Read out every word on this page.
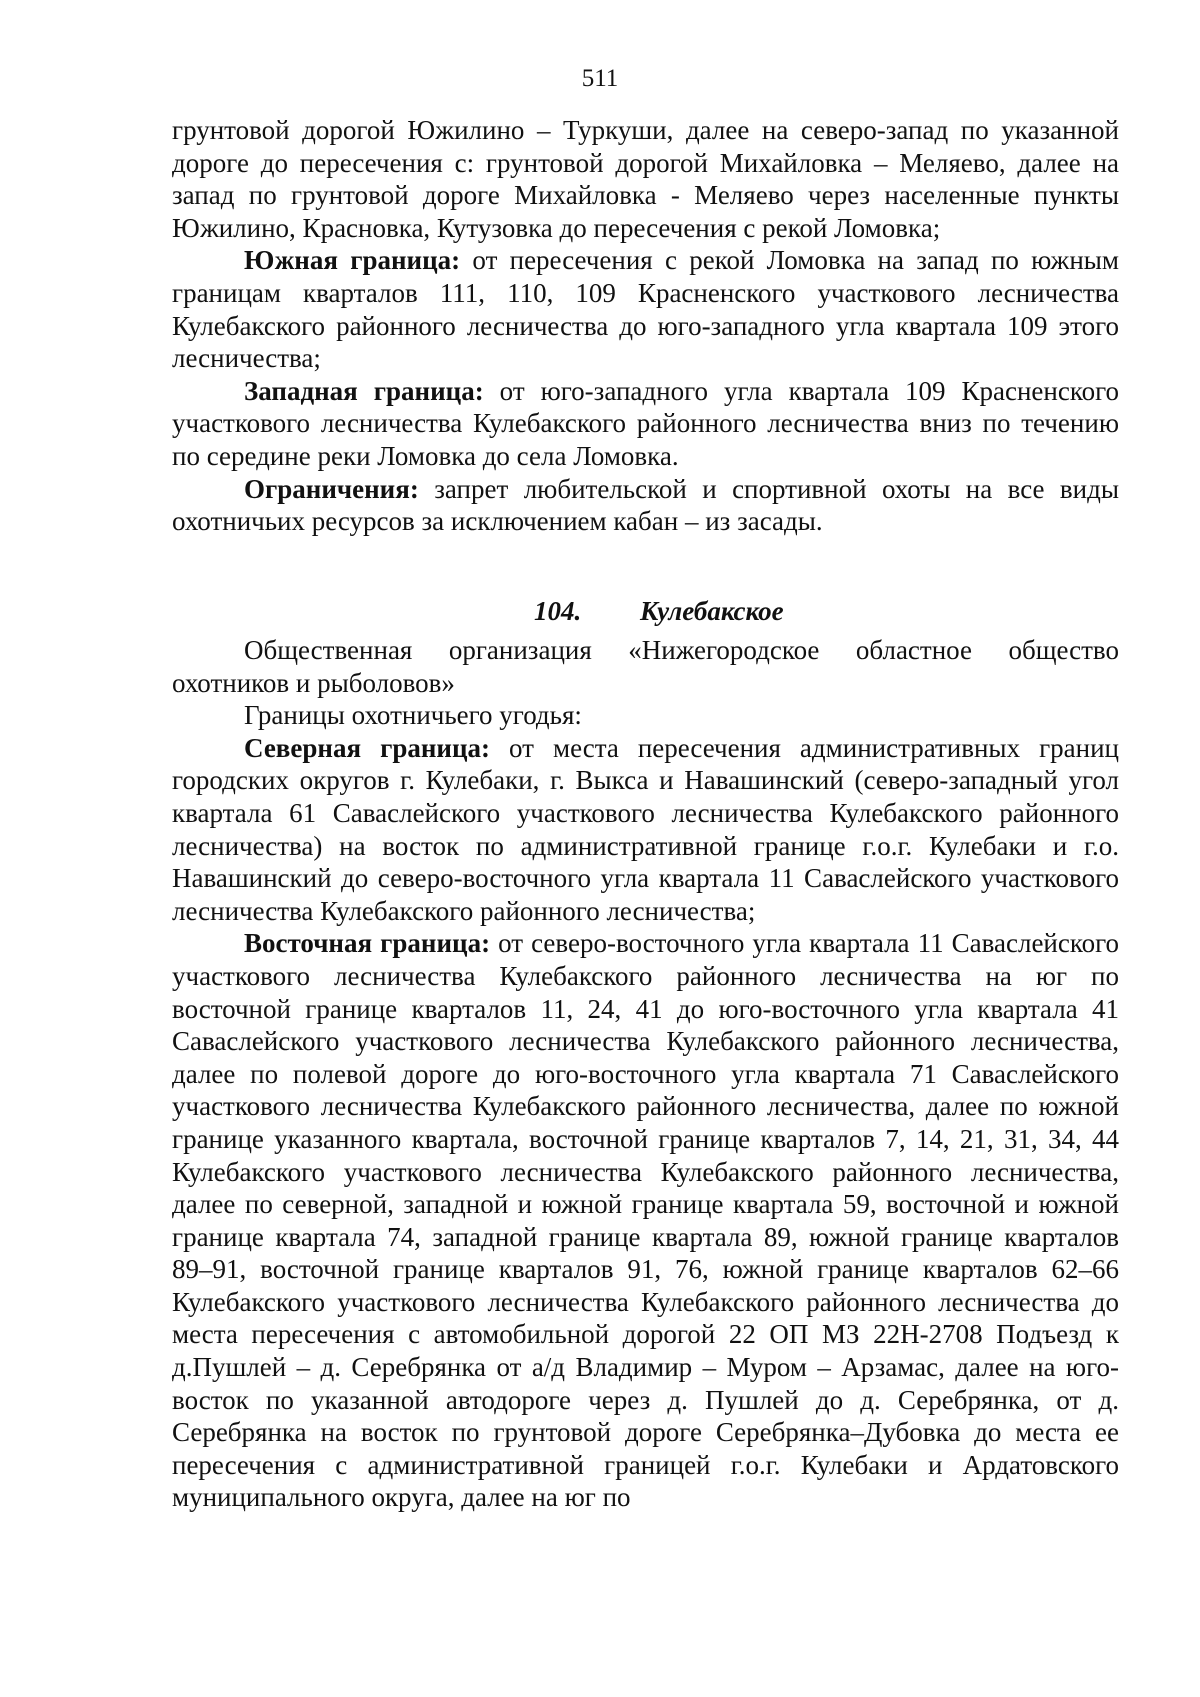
511

грунтовой дорогой Южилино – Туркуши, далее на северо-запад по указанной дороге до пересечения с: грунтовой дорогой Михайловка – Меляево, далее на запад по грунтовой дороге Михайловка - Меляево через населенные пункты Южилино, Красновка, Кутузовка до пересечения с рекой Ломовка;

Южная граница: от пересечения с рекой Ломовка на запад по южным границам кварталов 111, 110, 109 Красненского участкового лесничества Кулебакского районного лесничества до юго-западного угла квартала 109 этого лесничества;

Западная граница: от юго-западного угла квартала 109 Красненского участкового лесничества Кулебакского районного лесничества вниз по течению по середине реки Ломовка до села Ломовка.

Ограничения: запрет любительской и спортивной охоты на все виды охотничьих ресурсов за исключением кабан – из засады.

104. Кулебакское

Общественная организация «Нижегородское областное общество охотников и рыболовов»

Границы охотничьего угодья:

Северная граница: от места пересечения административных границ городских округов г. Кулебаки, г. Выкса и Навашинский (северо-западный угол квартала 61 Саваслейского участкового лесничества Кулебакского районного лесничества) на восток по административной границе г.о.г. Кулебаки и г.о. Навашинский до северо-восточного угла квартала 11 Саваслейского участкового лесничества Кулебакского районного лесничества;

Восточная граница: от северо-восточного угла квартала 11 Саваслейского участкового лесничества Кулебакского районного лесничества на юг по восточной границе кварталов 11, 24, 41 до юго-восточного угла квартала 41 Саваслейского участкового лесничества Кулебакского районного лесничества, далее по полевой дороге до юго-восточного угла квартала 71 Саваслейского участкового лесничества Кулебакского районного лесничества, далее по южной границе указанного квартала, восточной границе кварталов 7, 14, 21, 31, 34, 44 Кулебакского участкового лесничества Кулебакского районного лесничества, далее по северной, западной и южной границе квартала 59, восточной и южной границе квартала 74, западной границе квартала 89, южной границе кварталов 89–91, восточной границе кварталов 91, 76, южной границе кварталов 62–66 Кулебакского участкового лесничества Кулебакского районного лесничества до места пересечения с автомобильной дорогой 22 ОП МЗ 22Н-2708 Подъезд к д.Пушлей – д. Серебрянка от а/д Владимир – Муром – Арзамас, далее на юго-восток по указанной автодороге через д. Пушлей до д. Серебрянка, от д. Серебрянка на восток по грунтовой дороге Серебрянка–Дубовка до места ее пересечения с административной границей г.о.г. Кулебаки и Ардатовского муниципального округа, далее на юг по
